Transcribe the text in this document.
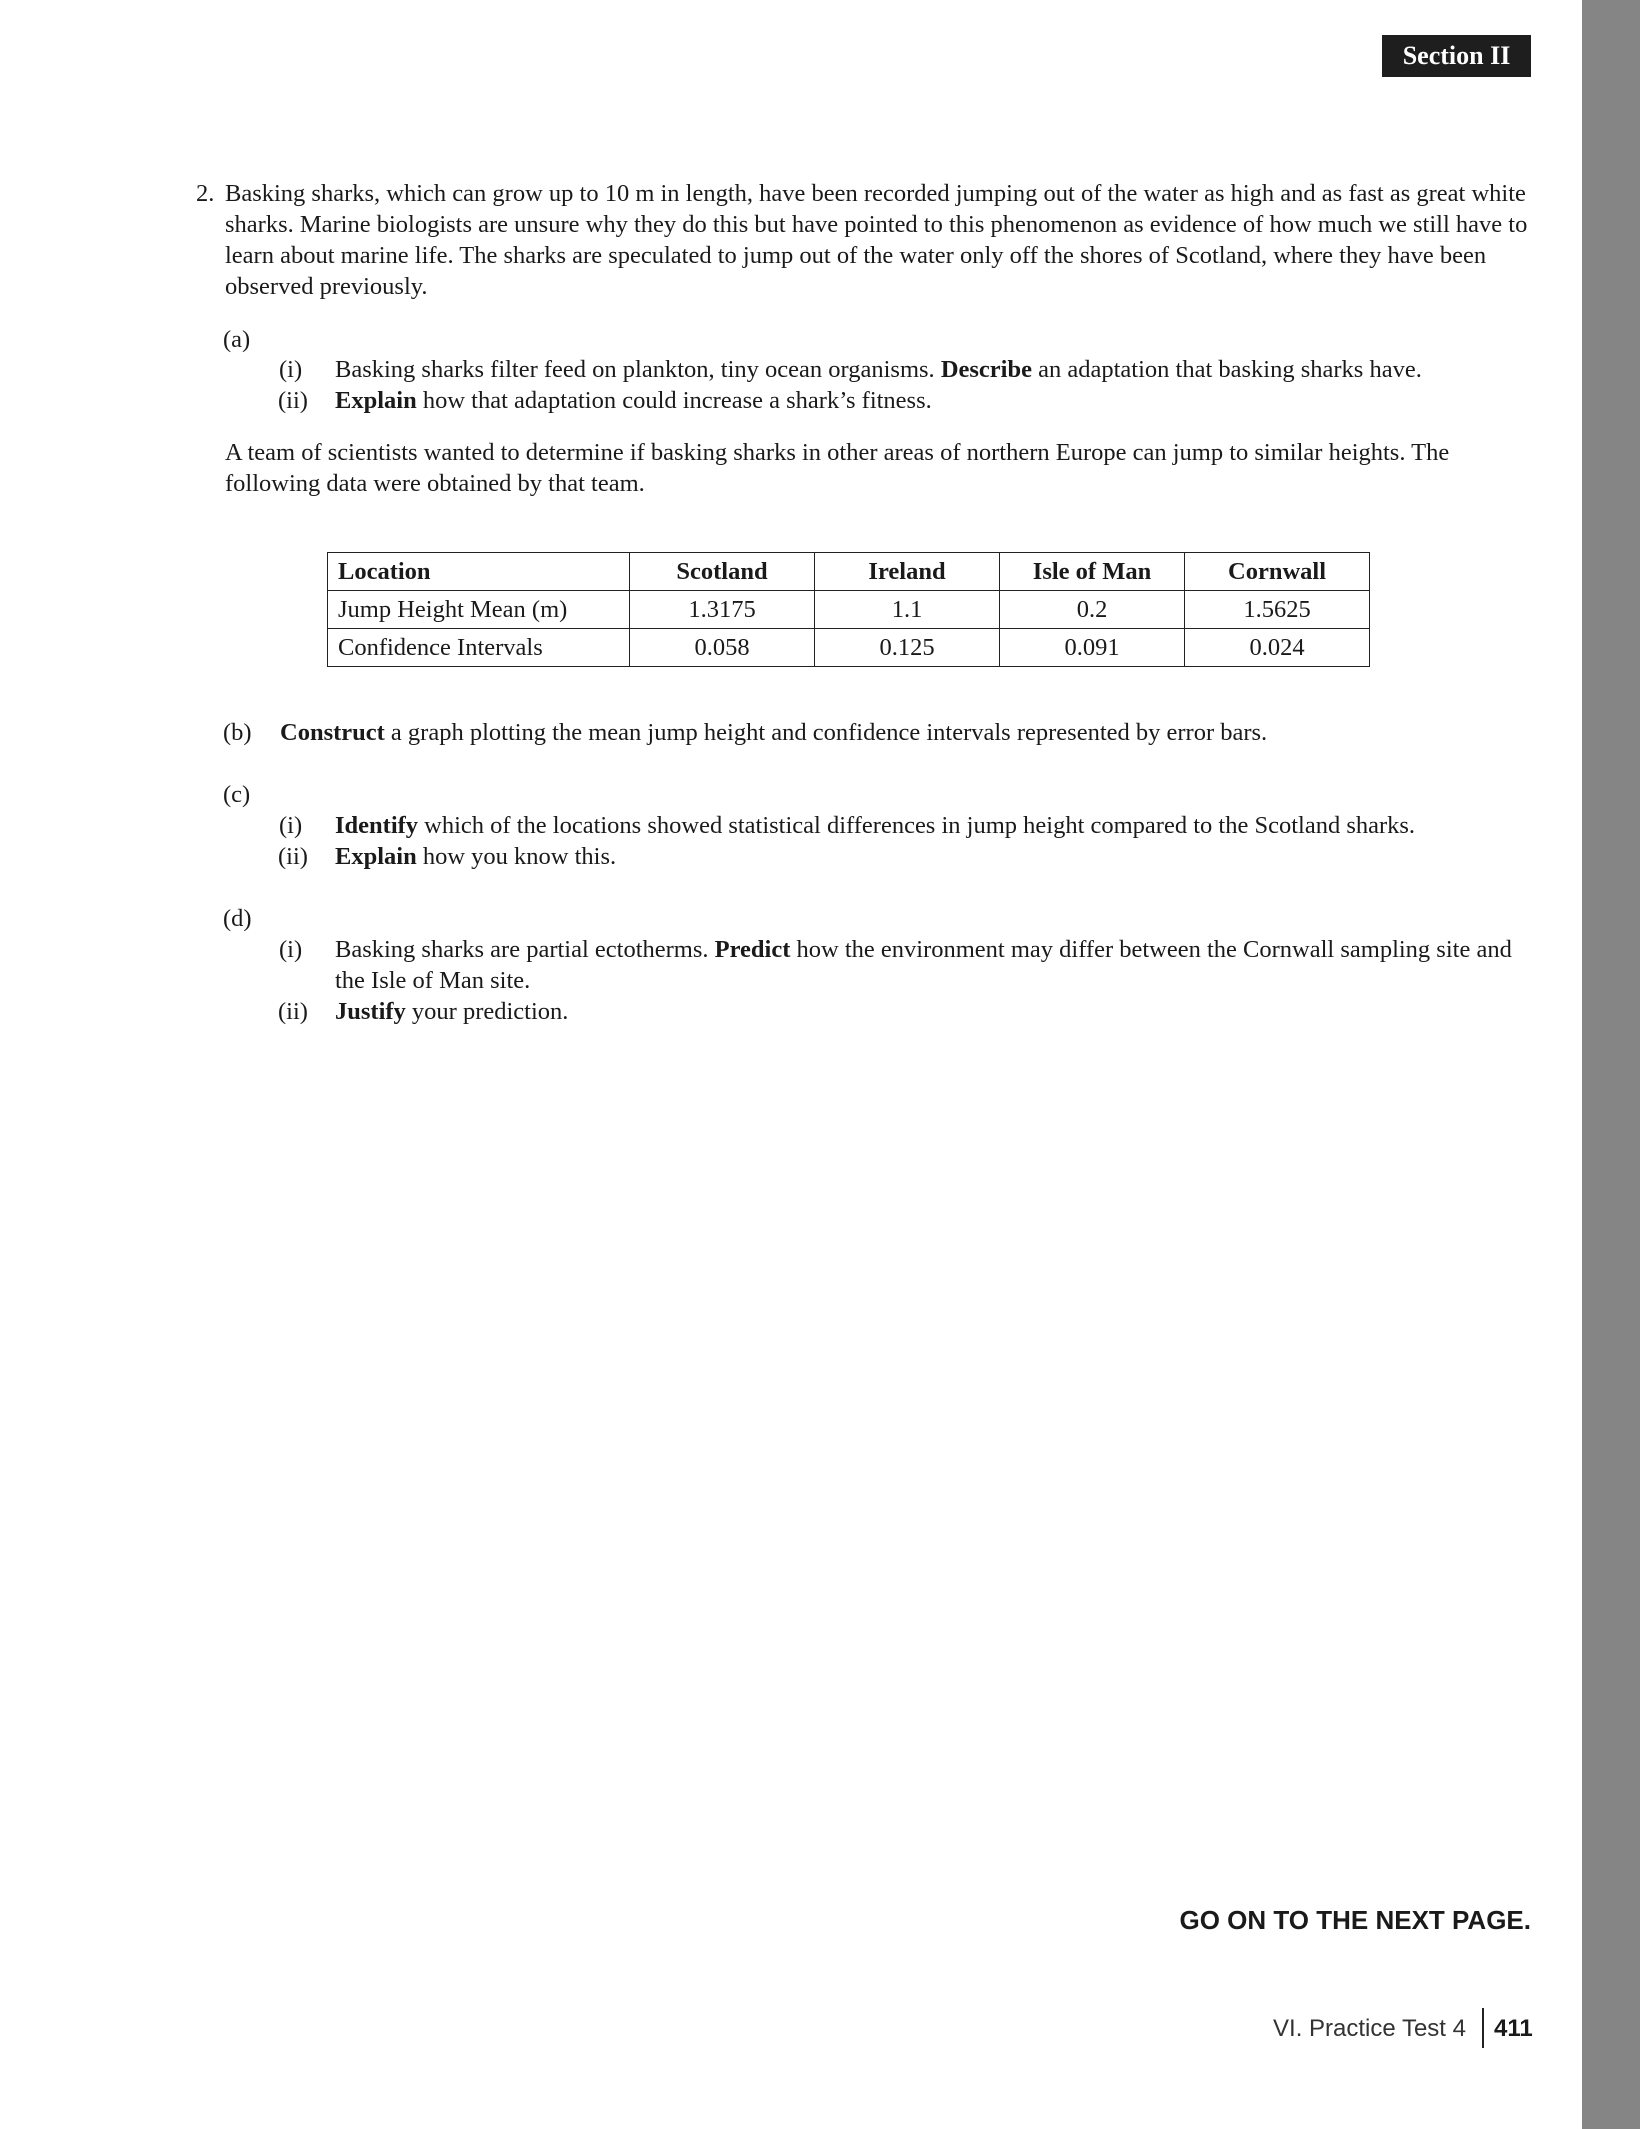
Section II

2. Basking sharks, which can grow up to 10 m in length, have been recorded jumping out of the water as high and as fast as great white sharks. Marine biologists are unsure why they do this but have pointed to this phenomenon as evidence of how much we still have to learn about marine life. The sharks are speculated to jump out of the water only off the shores of Scotland, where they have been observed previously.

(a)
(i) Basking sharks filter feed on plankton, tiny ocean organisms. Describe an adaptation that basking sharks have.
(ii) Explain how that adaptation could increase a shark’s fitness.

A team of scientists wanted to determine if basking sharks in other areas of northern Europe can jump to similar heights. The following data were obtained by that team.

Location	Scotland	Ireland	Isle of Man	Cornwall
Jump Height Mean (m)	1.3175	1.1	0.2	1.5625
Confidence Intervals	0.058	0.125	0.091	0.024
(b) Construct a graph plotting the mean jump height and confidence intervals represented by error bars.
(c)
(i) Identify which of the locations showed statistical differences in jump height compared to the Scotland sharks.
(ii) Explain how you know this.
(d)
(i) Basking sharks are partial ectotherms. Predict how the environment may differ between the Cornwall sampling site and the Isle of Man site.
(ii) Justify your prediction.
GO ON TO THE NEXT PAGE.
VI. Practice Test 4 411
